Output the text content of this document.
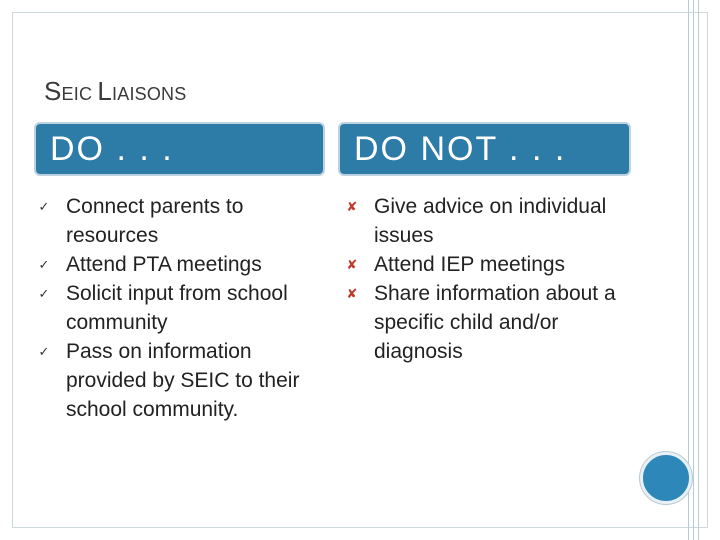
SEIC LIAISONS
DO . . .	DO NOT . . .
✓ Connect parents to resources
✓ Attend PTA meetings
✓ Solicit input from school community
✓ Pass on information provided by SEIC to their school community.
✘ Give advice on individual issues
✘ Attend IEP meetings
✘ Share information about a specific child and/or diagnosis
